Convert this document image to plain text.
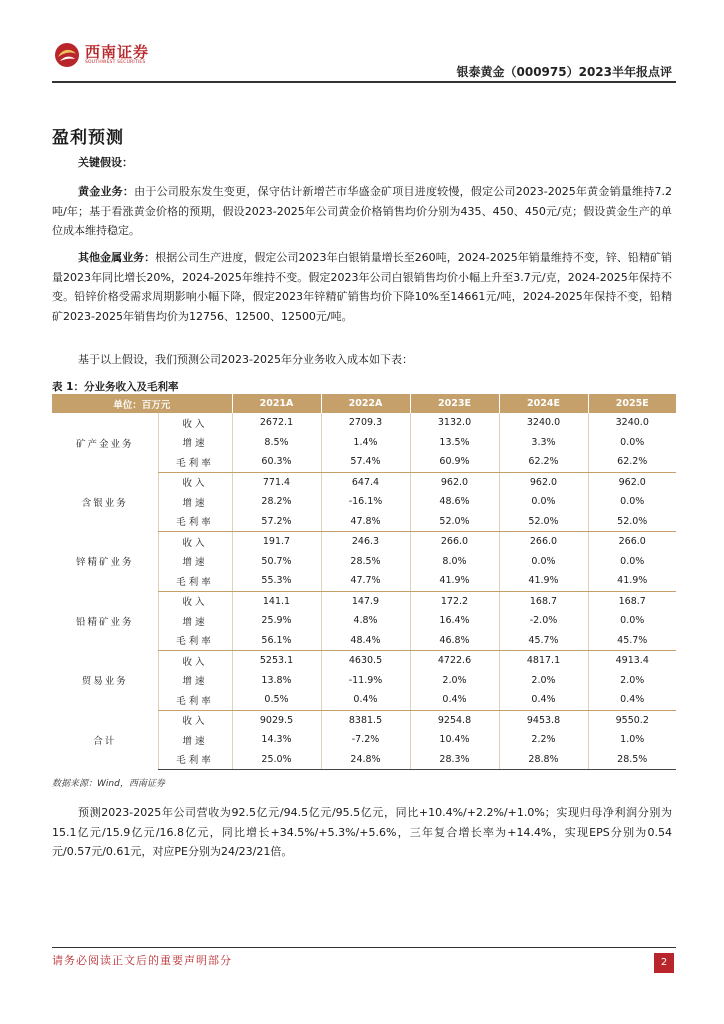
西南证券
SOUTHWEST SECURITIES
银泰黄金（000975）2023半年报点评
盈利预测
关键假设：
黄金业务：由于公司股东发生变更，保守估计新增芒市华盛金矿项目进度较慢，假定公司2023-2025年黄金销量维持7.2吨/年；基于看涨黄金价格的预期，假设2023-2025年公司黄金价格销售均价分别为435、450、450元/克；假设黄金生产的单位成本维持稳定。
其他金属业务：根据公司生产进度，假定公司2023年白银销量增长至260吨，2024-2025年销量维持不变，锌、铅精矿销量2023年同比增长20%，2024-2025年维持不变。假定2023年公司白银销售均价小幅上升至3.7元/克，2024-2025年保持不变。铅锌价格受需求周期影响小幅下降，假定2023年锌精矿销售均价下降10%至14661元/吨，2024-2025年保持不变，铅精矿2023-2025年销售均价为12756、12500、12500元/吨。
基于以上假设，我们预测公司2023-2025年分业务收入成本如下表：
表 1：分业务收入及毛利率
单位：百万元		2021A	2022A	2023E	2024E	2025E
矿产金业务	收入	2672.1	2709.3	3132.0	3240.0	3240.0
	增速	8.5%	1.4%	13.5%	3.3%	0.0%
	毛利率	60.3%	57.4%	60.9%	62.2%	62.2%
含银业务	收入	771.4	647.4	962.0	962.0	962.0
	增速	28.2%	-16.1%	48.6%	0.0%	0.0%
	毛利率	57.2%	47.8%	52.0%	52.0%	52.0%
锌精矿业务	收入	191.7	246.3	266.0	266.0	266.0
	增速	50.7%	28.5%	8.0%	0.0%	0.0%
	毛利率	55.3%	47.7%	41.9%	41.9%	41.9%
铅精矿业务	收入	141.1	147.9	172.2	168.7	168.7
	增速	25.9%	4.8%	16.4%	-2.0%	0.0%
	毛利率	56.1%	48.4%	46.8%	45.7%	45.7%
贸易业务	收入	5253.1	4630.5	4722.6	4817.1	4913.4
	增速	13.8%	-11.9%	2.0%	2.0%	2.0%
	毛利率	0.5%	0.4%	0.4%	0.4%	0.4%
合计	收入	9029.5	8381.5	9254.8	9453.8	9550.2
	增速	14.3%	-7.2%	10.4%	2.2%	1.0%
	毛利率	25.0%	24.8%	28.3%	28.8%	28.5%
数据来源：Wind，西南证券
预测2023-2025年公司营收为92.5亿元/94.5亿元/95.5亿元，同比+10.4%/+2.2%/+1.0%；实现归母净利润分别为15.1亿元/15.9亿元/16.8亿元，同比增长+34.5%/+5.3%/+5.6%，三年复合增长率为+14.4%，实现EPS分别为0.54元/0.57元/0.61元，对应PE分别为24/23/21倍。
请务必阅读正文后的重要声明部分	2
